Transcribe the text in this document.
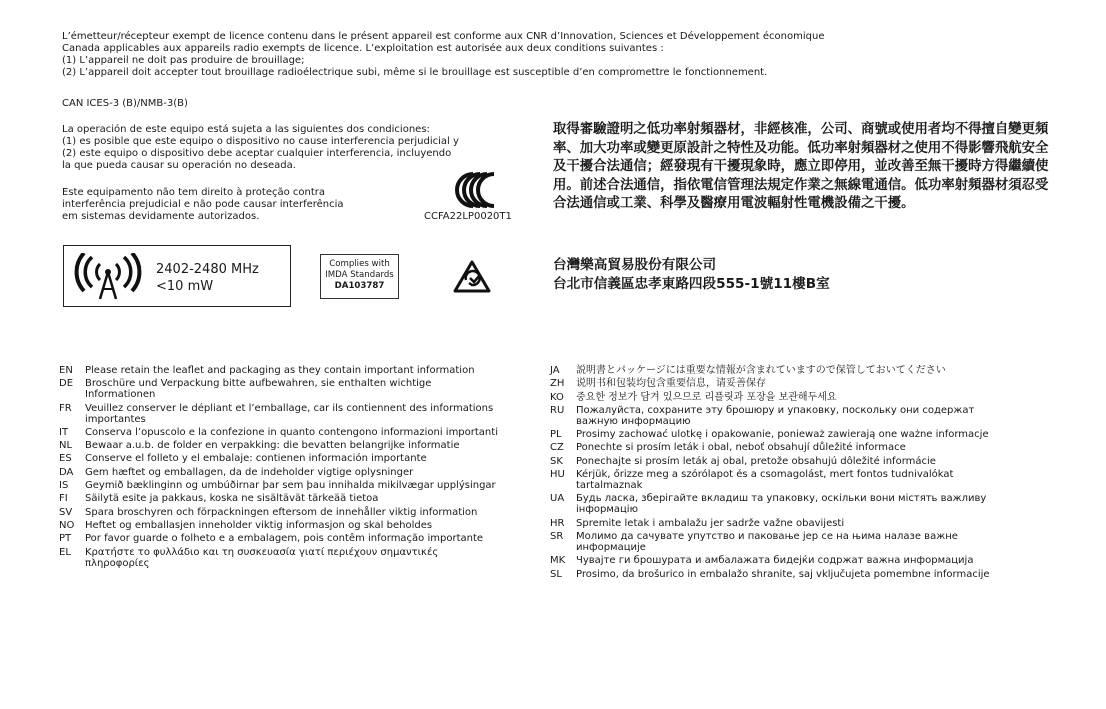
L’émetteur/récepteur exempt de licence contenu dans le présent appareil est conforme aux CNR d’Innovation, Sciences et Développement économique
Canada applicables aux appareils radio exempts de licence. L’exploitation est autorisée aux deux conditions suivantes :
(1) L’appareil ne doit pas produire de brouillage;
(2) L’appareil doit accepter tout brouillage radioélectrique subi, même si le brouillage est susceptible d’en compromettre le fonctionnement.
CAN ICES-3 (B)/NMB-3(B)
La operación de este equipo está sujeta a las siguientes dos condiciones:
(1) es posible que este equipo o dispositivo no cause interferencia perjudicial y
(2) este equipo o dispositivo debe aceptar cualquier interferencia, incluyendo
la que pueda causar su operación no deseada.
Este equipamento não tem direito à proteção contra
interferência prejudicial e não pode causar interferência
em sistemas devidamente autorizados.	CCFA22LP0020T1
取得審驗證明之低功率射頻器材，非經核准，公司、商號或使用者均不得擅自變更頻率、加大功率或變更原設計之特性及功能。低功率射頻器材之使用不得影響飛航安全及干擾合法通信；經發現有干擾現象時，應立即停用，並改善至無干擾時方得繼續使用。前述合法通信，指依電信管理法規定作業之無線電通信。低功率射頻器材須忍受合法通信或工業、科學及醫療用電波輻射性電機設備之干擾。
台灣樂高貿易股份有限公司
台北市信義區忠孝東路四段555-1號11樓B室
2402-2480 MHz
<10 mW
Complies with
IMDA Standards
DA103787
EN	Please retain the leaflet and packaging as they contain important information
DE	Broschüre und Verpackung bitte aufbewahren, sie enthalten wichtige Informationen
FR	Veuillez conserver le dépliant et l’emballage, car ils contiennent des informations importantes
IT	Conserva l’opuscolo e la confezione in quanto contengono informazioni importanti
NL	Bewaar a.u.b. de folder en verpakking: die bevatten belangrijke informatie
ES	Conserve el folleto y el embalaje: contienen información importante
DA	Gem hæftet og emballagen, da de indeholder vigtige oplysninger
IS	Geymið bæklinginn og umbúðirnar þar sem þau innihalda mikilvægar upplýsingar
FI	Säilytä esite ja pakkaus, koska ne sisältävät tärkeää tietoa
SV	Spara broschyren och förpackningen eftersom de innehåller viktig information
NO	Heftet og emballasjen inneholder viktig informasjon og skal beholdes
PT	Por favor guarde o folheto e a embalagem, pois contêm informação importante
EL	Κρατήστε το φυλλάδιο και τη συσκευασία γιατί περιέχουν σημαντικές πληροφορίες
JA	説明書とパッケージには重要な情報が含まれていますので保管しておいてください
ZH	说明书和包装均包含重要信息，请妥善保存
KO	중요한 정보가 담겨 있으므로 리플릿과 포장을 보관해두세요
RU	Пожалуйста, сохраните эту брошюру и упаковку, поскольку они содержат важную информацию
PL	Prosimy zachować ulotkę i opakowanie, ponieważ zawierają one ważne informacje
CZ	Ponechte si prosím leták i obal, neboť obsahují důležité informace
SK	Ponechajte si prosím leták aj obal, pretože obsahujú dôležité informácie
HU	Kérjük, őrizze meg a szórólapot és a csomagolást, mert fontos tudnivalókat tartalmaznak
UA	Будь ласка, зберігайте вкладиш та упаковку, оскільки вони містять важливу інформацію
HR	Spremite letak i ambalažu jer sadrže važne obavijesti
SR	Молимо да сачувате упутство и паковање јер се на њима налазе важне информације
MK	Чувајте ги брошурата и амбалажата бидејќи содржат важна информација
SL	Prosimo, da brošurico in embalažo shranite, saj vključujeta pomembne informacije
